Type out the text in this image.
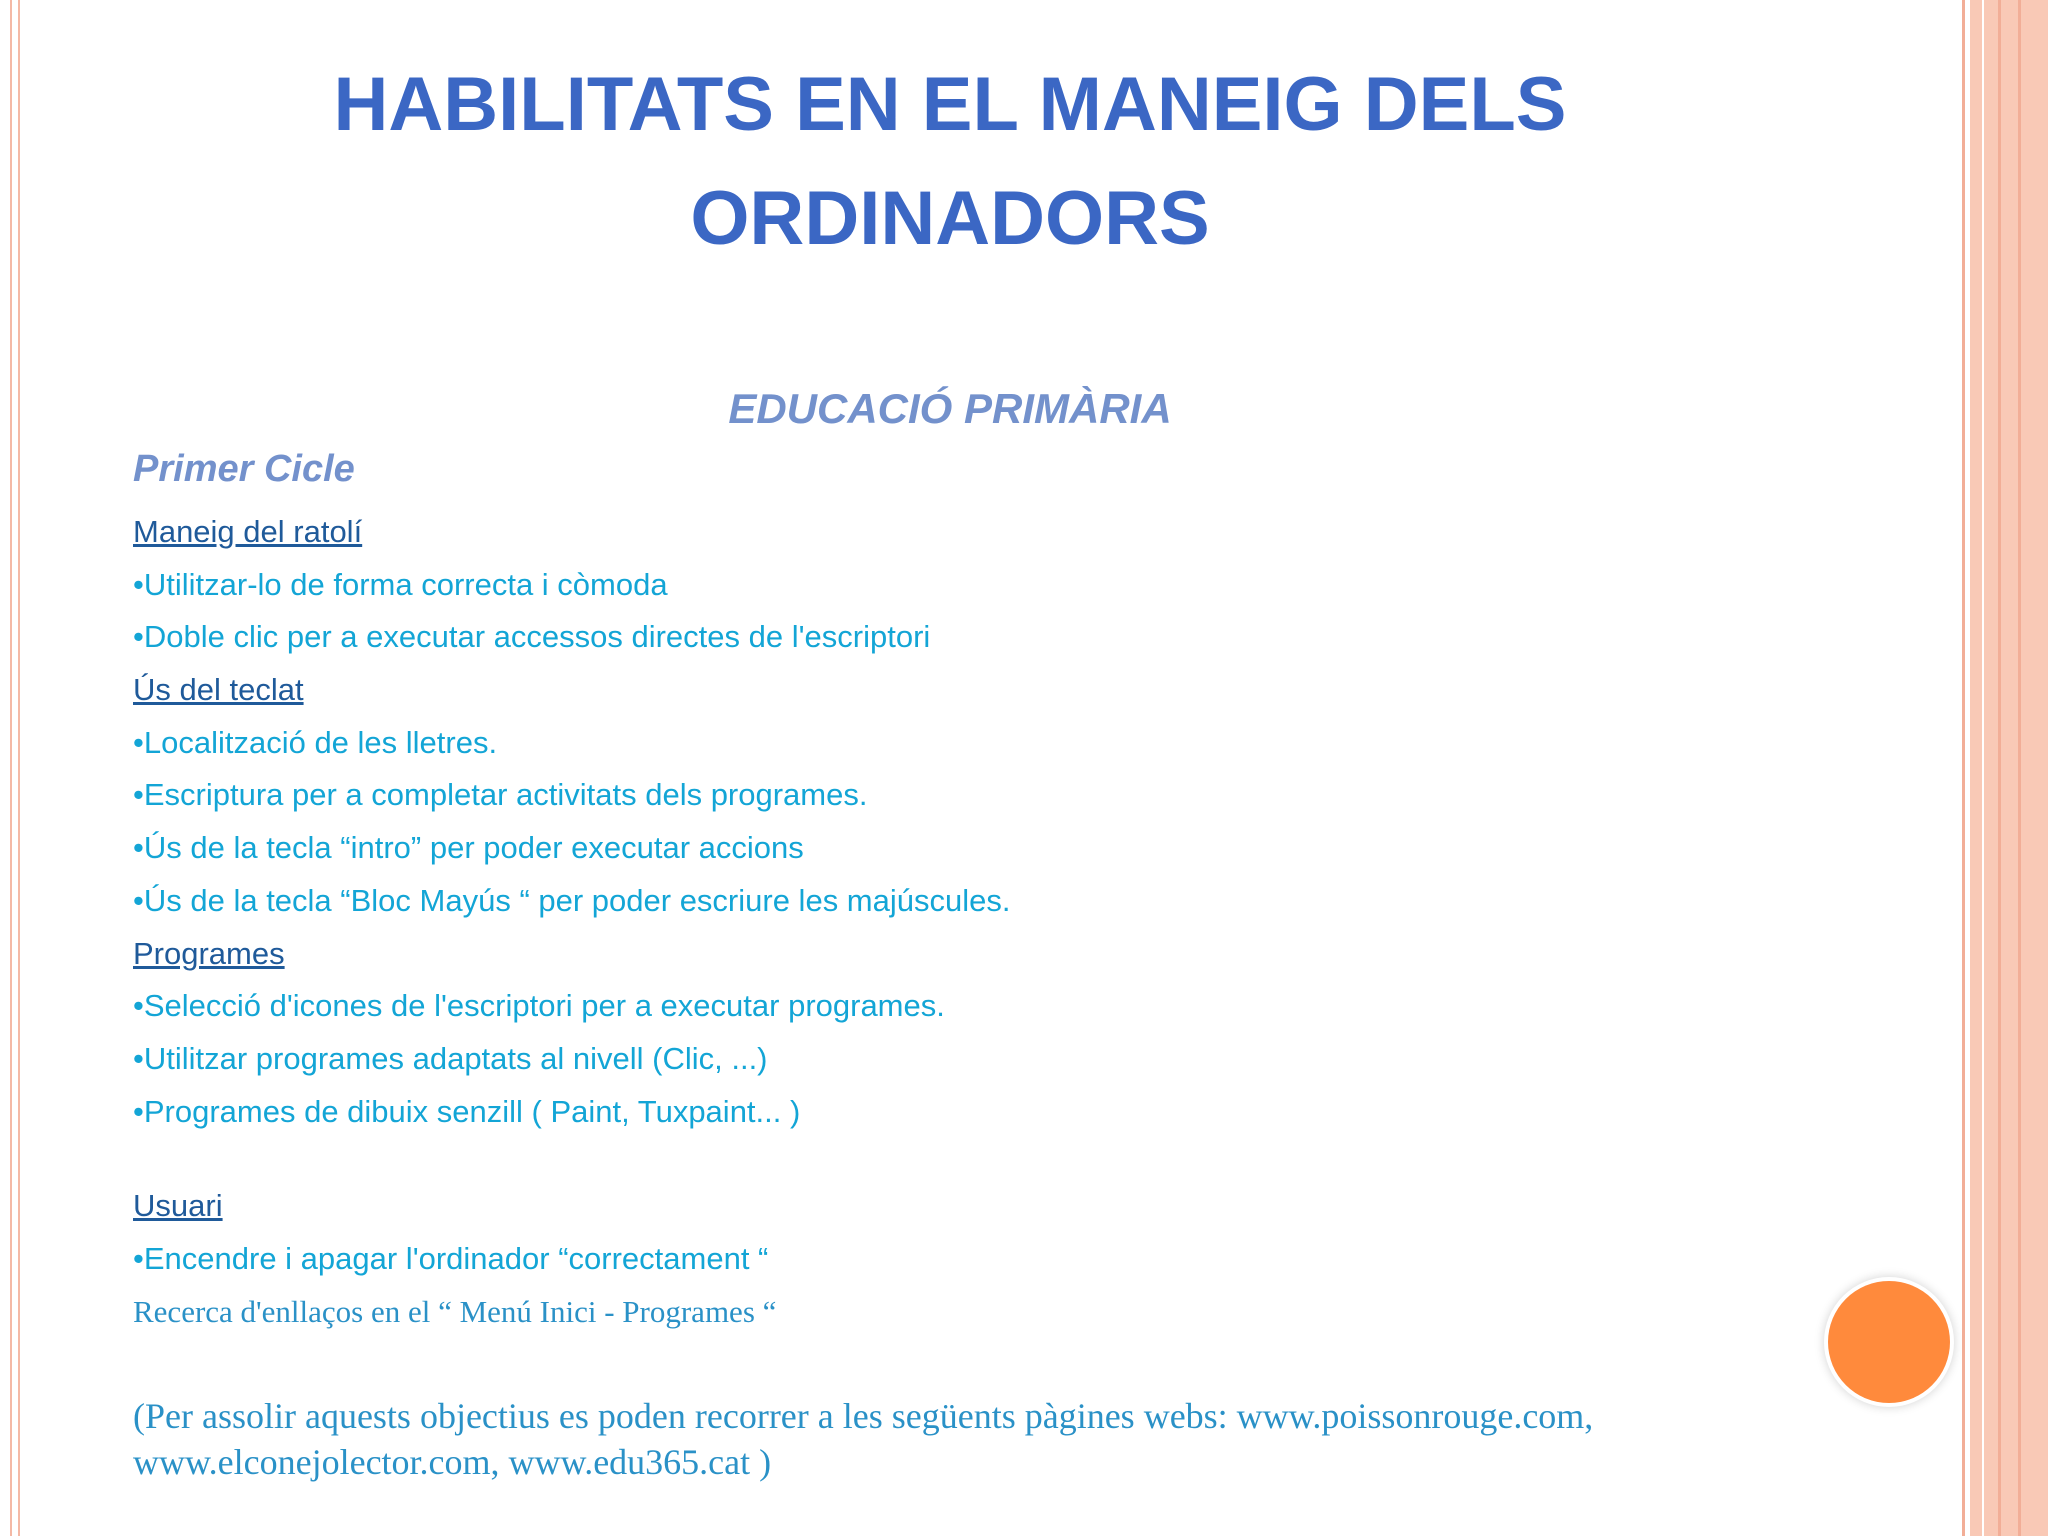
HABILITATS EN EL MANEIG DELS
ORDINADORS
EDUCACIÓ PRIMÀRIA
Primer Cicle
Maneig del ratolí
•Utilitzar-lo de forma correcta i còmoda
•Doble clic per a executar accessos directes de l'escriptori
Ús del teclat
•Localització de les lletres.
•Escriptura per a completar activitats dels programes.
•Ús de la tecla “intro” per poder executar accions
•Ús de la tecla “Bloc Mayús “ per poder escriure les majúscules.
Programes
•Selecció d'icones de l'escriptori per a executar programes.
•Utilitzar programes adaptats al nivell (Clic, ...)
•Programes de dibuix senzill ( Paint, Tuxpaint... )
Usuari
•Encendre i apagar l'ordinador “correctament “
Recerca d'enllaços en el “ Menú Inici - Programes “
(Per assolir aquests objectius es poden recorrer a les següents pàgines webs: www.poissonrouge.com,
www.elconejolector.com, www.edu365.cat )
